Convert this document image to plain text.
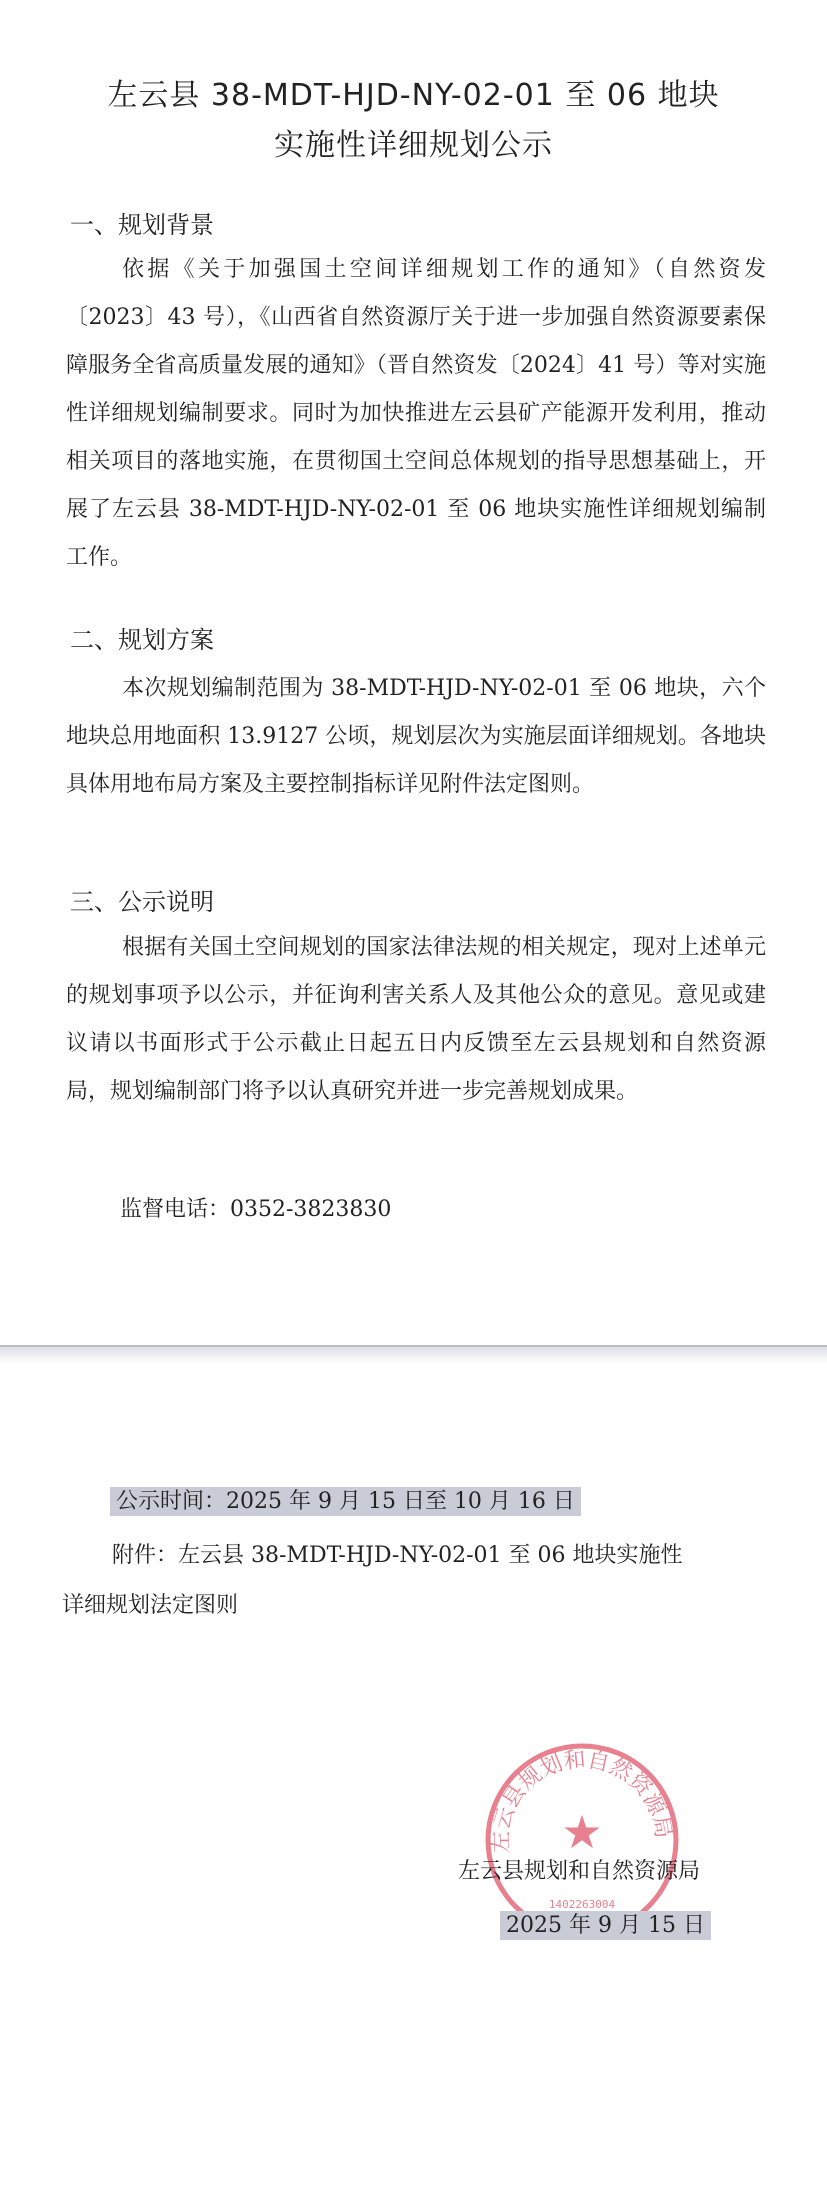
左云县 38-MDT-HJD-NY-02-01 至 06 地块
实施性详细规划公示
一、规划背景

依据《关于加强国土空间详细规划工作的通知》（自然资发〔2023〕43 号），《山西省自然资源厅关于进一步加强自然资源要素保障服务全省高质量发展的通知》（晋自然资发〔2024〕41 号）等对实施性详细规划编制要求。同时为加快推进左云县矿产能源开发利用，推动相关项目的落地实施，在贯彻国土空间总体规划的指导思想基础上，开展了左云县 38-MDT-HJD-NY-02-01 至 06 地块实施性详细规划编制工作。

二、规划方案

本次规划编制范围为 38-MDT-HJD-NY-02-01 至 06 地块，六个地块总用地面积 13.9127 公顷，规划层次为实施层面详细规划。各地块具体用地布局方案及主要控制指标详见附件法定图则。

三、公示说明

根据有关国土空间规划的国家法律法规的相关规定，现对上述单元的规划事项予以公示，并征询利害关系人及其他公众的意见。意见或建议请以书面形式于公示截止日起五日内反馈至左云县规划和自然资源局，规划编制部门将予以认真研究并进一步完善规划成果。

监督电话：0352-3823830
公示时间：2025 年 9 月 15 日至 10 月 16 日
附件：左云县 38-MDT-HJD-NY-02-01 至 06 地块实施性
详细规划法定图则
左云县规划和自然资源局
★
1402263004
左云县规划和自然资源局
2025 年 9 月 15 日
